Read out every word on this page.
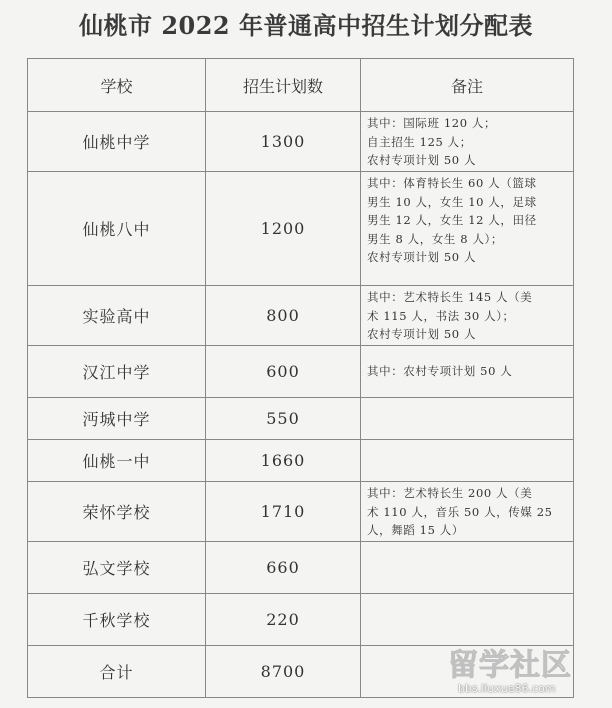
仙桃市 2022 年普通高中招生计划分配表
学校	招生计划数	备注
仙桃中学	1300	其中：国际班 120 人；
自主招生 125 人；
农村专项计划 50 人

仙桃八中	1200	其中：体育特长生 60 人（篮球
男生 10 人，女生 10 人，足球
男生 12 人，女生 12 人，田径
男生 8 人，女生 8 人）；
农村专项计划 50 人

实验高中	800	其中：艺术特长生 145 人（美
术 115 人，书法 30 人）；
农村专项计划 50 人

汉江中学	600	其中：农村专项计划 50 人

沔城中学	550	
仙桃一中	1660	
荣怀学校	1710	其中：艺术特长生 200 人（美
术 110 人，音乐 50 人，传媒 25
人，舞蹈 15 人）

弘文学校	660	
千秋学校	220	
合计	8700		留学社区
bbs.liuxue86.com
